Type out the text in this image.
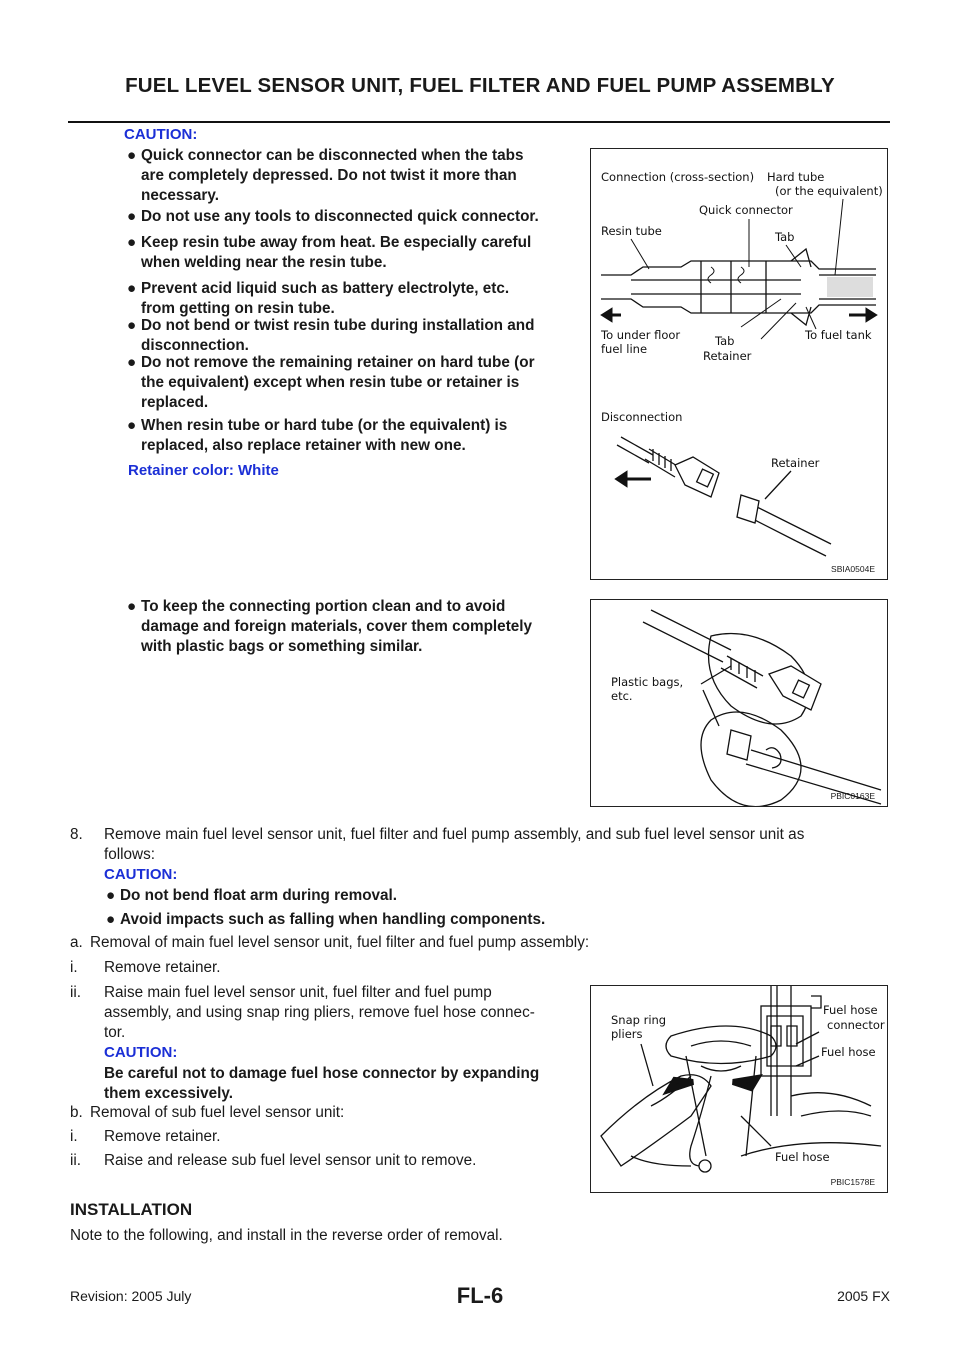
FUEL LEVEL SENSOR UNIT, FUEL FILTER AND FUEL PUMP ASSEMBLY
CAUTION:
● Quick connector can be disconnected when the tabs
are completely depressed. Do not twist it more than
necessary.
● Do not use any tools to disconnected quick connector.
● Keep resin tube away from heat. Be especially careful
when welding near the resin tube.
● Prevent acid liquid such as battery electrolyte, etc.
from getting on resin tube.
● Do not bend or twist resin tube during installation and
disconnection.
● Do not remove the remaining retainer on hard tube (or
the equivalent) except when resin tube or retainer is
replaced.
● When resin tube or hard tube (or the equivalent) is
replaced, also replace retainer with new one.
Retainer color: White
● To keep the connecting portion clean and to avoid
damage and foreign materials, cover them completely
with plastic bags or something similar.
Connection (cross-section) Hard tube
(or the equivalent)
Quick connector
Resin tube	Tab
To under floor
fuel line
Tab
Retainer
To fuel tank
Disconnection
Retainer
SBIA0504E
Plastic bags,
etc.
PBIC0163E
8. Remove main fuel level sensor unit, fuel filter and fuel pump assembly, and sub fuel level sensor unit as
follows:
CAUTION:
● Do not bend float arm during removal.
● Avoid impacts such as falling when handling components.
a. Removal of main fuel level sensor unit, fuel filter and fuel pump assembly:
i. Remove retainer.
ii. Raise main fuel level sensor unit, fuel filter and fuel pump
assembly, and using snap ring pliers, remove fuel hose connec-
tor.
CAUTION:
Be careful not to damage fuel hose connector by expanding
them excessively.
b. Removal of sub fuel level sensor unit:
i. Remove retainer.
ii. Raise and release sub fuel level sensor unit to remove.
Snap ring
pliers
Fuel hose
connector
Fuel hose
Fuel hose
PBIC1578E
INSTALLATION
Note to the following, and install in the reverse order of removal.
Revision: 2005 July	FL-6	2005 FX
